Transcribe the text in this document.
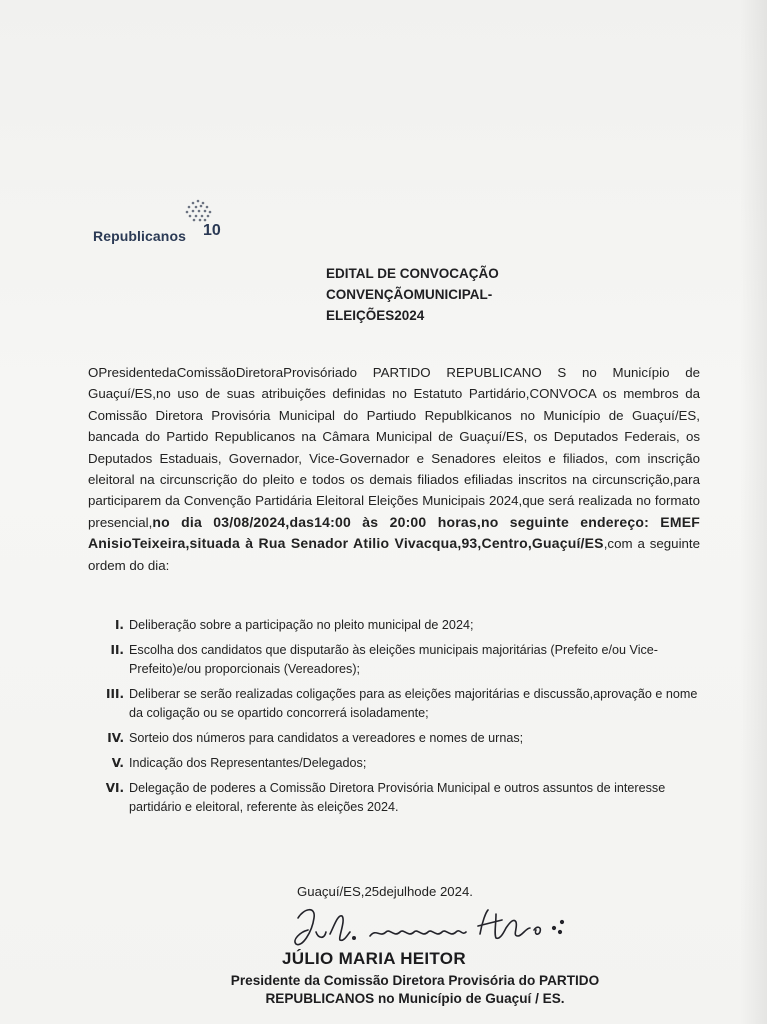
Republicanos 10
EDITAL DE CONVOCAÇÃO
CONVENÇÃOMUNICIPAL-
ELEIÇÕES2024
OPresidentedaComissãoDiretoraProvisóriado PARTIDO REPUBLICANO S no Município de Guaçuí/ES,no uso de suas atribuições definidas no Estatuto Partidário,CONVOCA os membros da Comissão Diretora Provisória Municipal do Partiudo Republkicanos no Município de Guaçuí/ES, bancada do Partido Republicanos na Câmara Municipal de Guaçuí/ES, os Deputados Federais, os Deputados Estaduais, Governador, Vice-Governador e Senadores eleitos e filiados, com inscrição eleitoral na circunscrição do pleito e todos os demais filiados efiliadas inscritos na circunscrição,para participarem da Convenção Partidária Eleitoral Eleições Municipais 2024,que será realizada no formato presencial,no dia 03/08/2024,das14:00 às 20:00 horas,no seguinte endereço: EMEF AnisioTeixeira,situada à Rua Senador Atilio Vivacqua,93,Centro,Guaçuí/ES,com a seguinte ordem do dia:
I. Deliberação sobre a participação no pleito municipal de 2024;
II. Escolha dos candidatos que disputarão às eleições municipais majoritárias (Prefeito e/ou Vice-Prefeito)e/ou proporcionais (Vereadores);
III. Deliberar se serão realizadas coligações para as eleições majoritárias e discussão,aprovação e nome da coligação ou se opartido concorrerá isoladamente;
IV. Sorteio dos números para candidatos a vereadores e nomes de urnas;
V. Indicação dos Representantes/Delegados;
VI. Delegação de poderes a Comissão Diretora Provisória Municipal e outros assuntos de interesse partidário e eleitoral, referente às eleições 2024.
Guaçuí/ES,25dejulhode 2024.
JÚLIO MARIA HEITOR
Presidente da Comissão Diretora Provisória do PARTIDO
REPUBLICANOS no Município de Guaçuí / ES.
